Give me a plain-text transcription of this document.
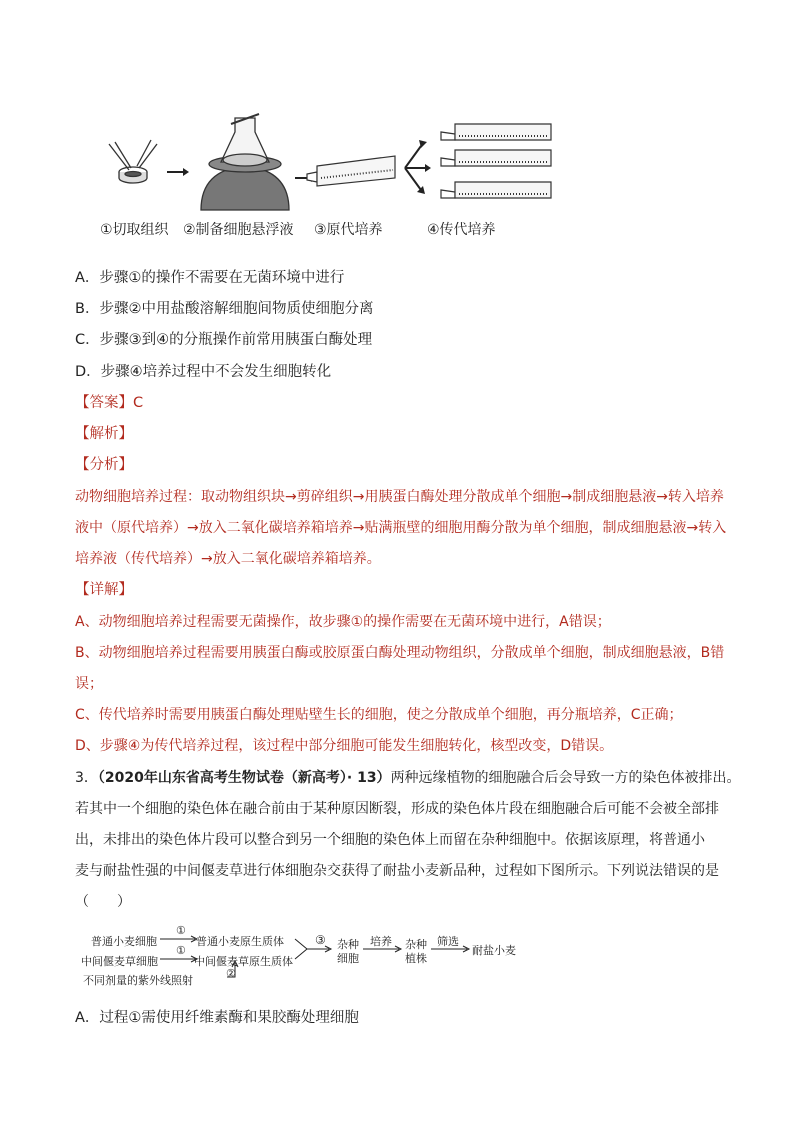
①切取组织 ②制备细胞悬浮液 ③原代培养	④传代培养
A．步骤①的操作不需要在无菌环境中进行
B．步骤②中用盐酸溶解细胞间物质使细胞分离
C．步骤③到④的分瓶操作前常用胰蛋白酶处理
D．步骤④培养过程中不会发生细胞转化
【答案】C
【解析】
【分析】
动物细胞培养过程：取动物组织块→剪碎组织→用胰蛋白酶处理分散成单个细胞→制成细胞悬液→转入培养
液中（原代培养）→放入二氧化碳培养箱培养→贴满瓶壁的细胞用酶分散为单个细胞，制成细胞悬液→转入
培养液（传代培养）→放入二氧化碳培养箱培养。
【详解】
A、动物细胞培养过程需要无菌操作，故步骤①的操作需要在无菌环境中进行，A错误；
B、动物细胞培养过程需要用胰蛋白酶或胶原蛋白酶处理动物组织，分散成单个细胞，制成细胞悬液，B错
误；
C、传代培养时需要用胰蛋白酶处理贴壁生长的细胞，使之分散成单个细胞，再分瓶培养，C正确；
D、步骤④为传代培养过程，该过程中部分细胞可能发生细胞转化，核型改变，D错误。
3．（2020年山东省高考生物试卷（新高考）· 13）两种远缘植物的细胞融合后会导致一方的染色体被排出。
若其中一个细胞的染色体在融合前由于某种原因断裂，形成的染色体片段在细胞融合后可能不会被全部排
出，未排出的染色体片段可以整合到另一个细胞的染色体上而留在杂种细胞中。依据该原理，将普通小
麦与耐盐性强的中间偃麦草进行体细胞杂交获得了耐盐小麦新品种，过程如下图所示。下列说法错误的是
（　　）
普通小麦细胞
中间偃麦草细胞
不同剂量的紫外线照射
①
①
②
③
普通小麦原生质体
中间偃麦草原生质体
杂种
细胞
培养 杂种
植株
筛选
耐盐小麦
A．过程①需使用纤维素酶和果胶酶处理细胞
